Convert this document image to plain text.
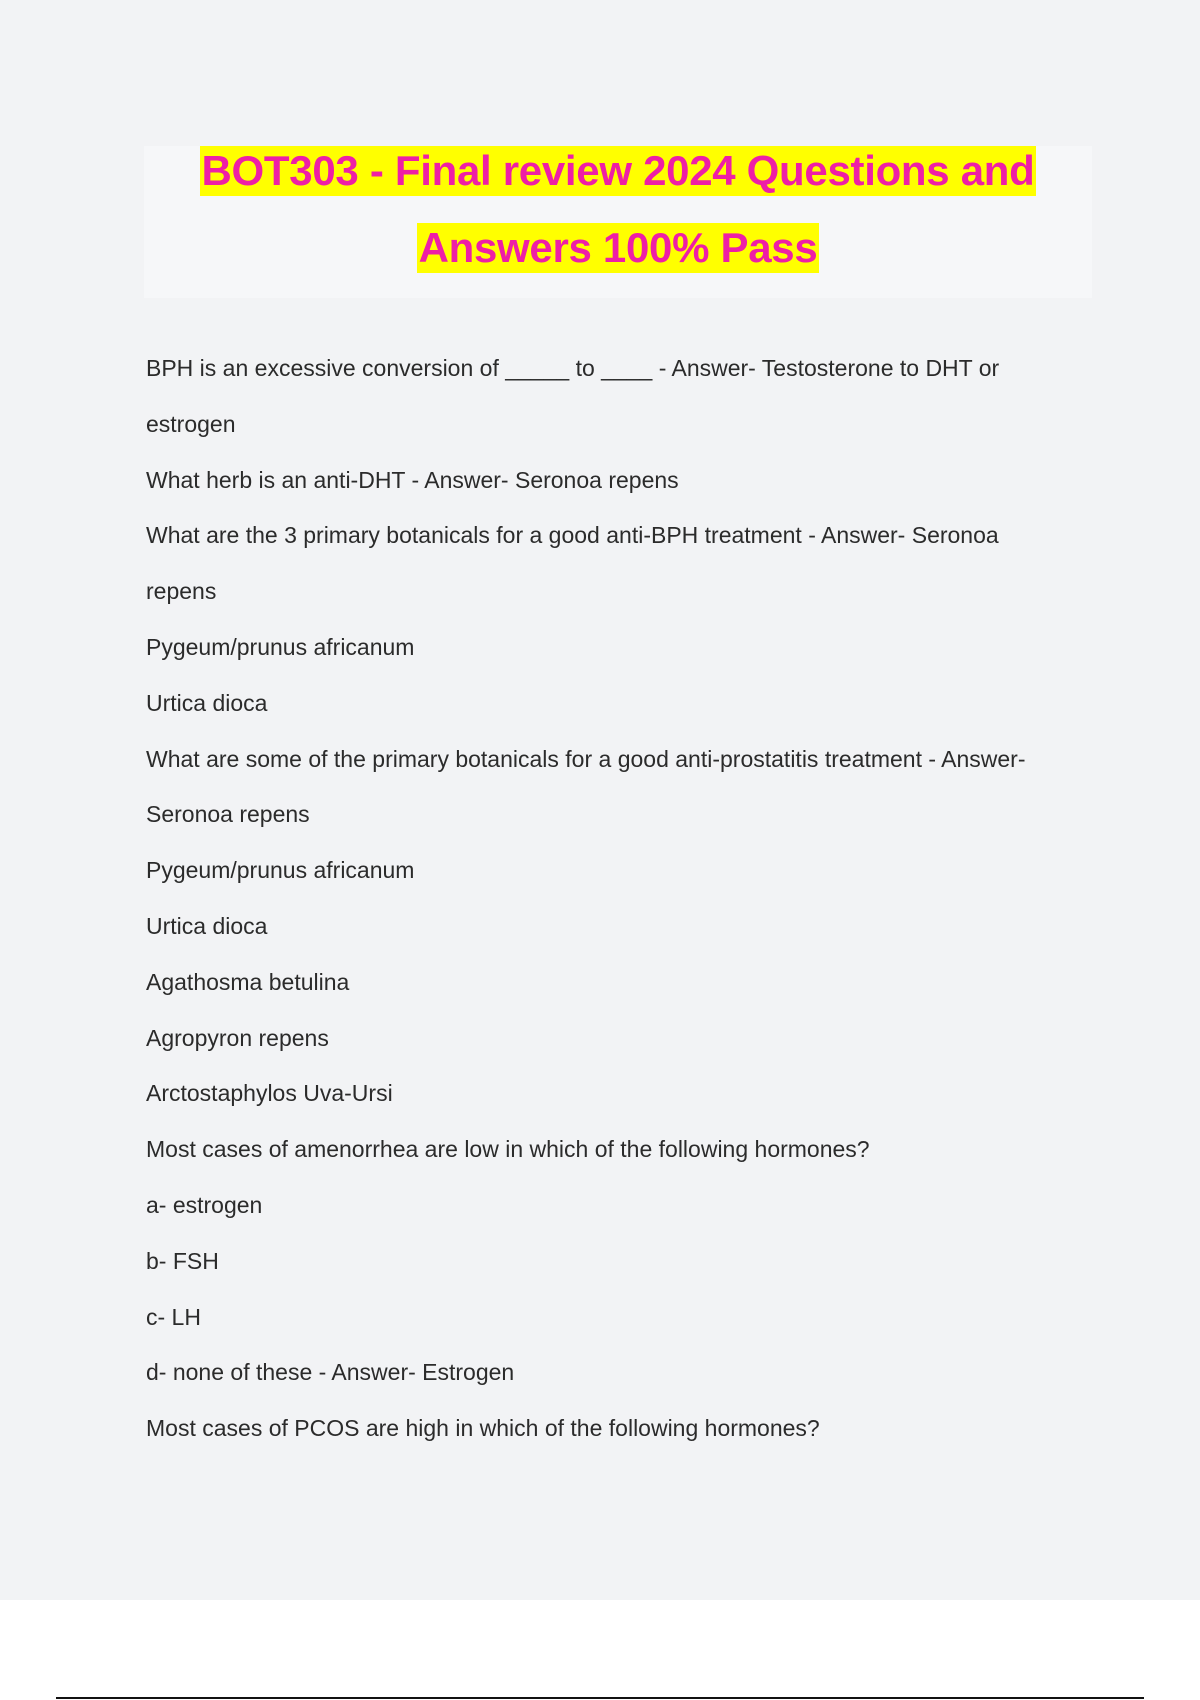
BOT303 - Final review 2024 Questions and
Answers 100% Pass
BPH is an excessive conversion of _____ to ____ - Answer- Testosterone to DHT or
estrogen
What herb is an anti-DHT - Answer- Seronoa repens
What are the 3 primary botanicals for a good anti-BPH treatment - Answer- Seronoa
repens
Pygeum/prunus africanum
Urtica dioca
What are some of the primary botanicals for a good anti-prostatitis treatment - Answer-
Seronoa repens
Pygeum/prunus africanum
Urtica dioca
Agathosma betulina
Agropyron repens
Arctostaphylos Uva-Ursi
Most cases of amenorrhea are low in which of the following hormones?
a- estrogen
b- FSH
c- LH
d- none of these - Answer- Estrogen
Most cases of PCOS are high in which of the following hormones?
